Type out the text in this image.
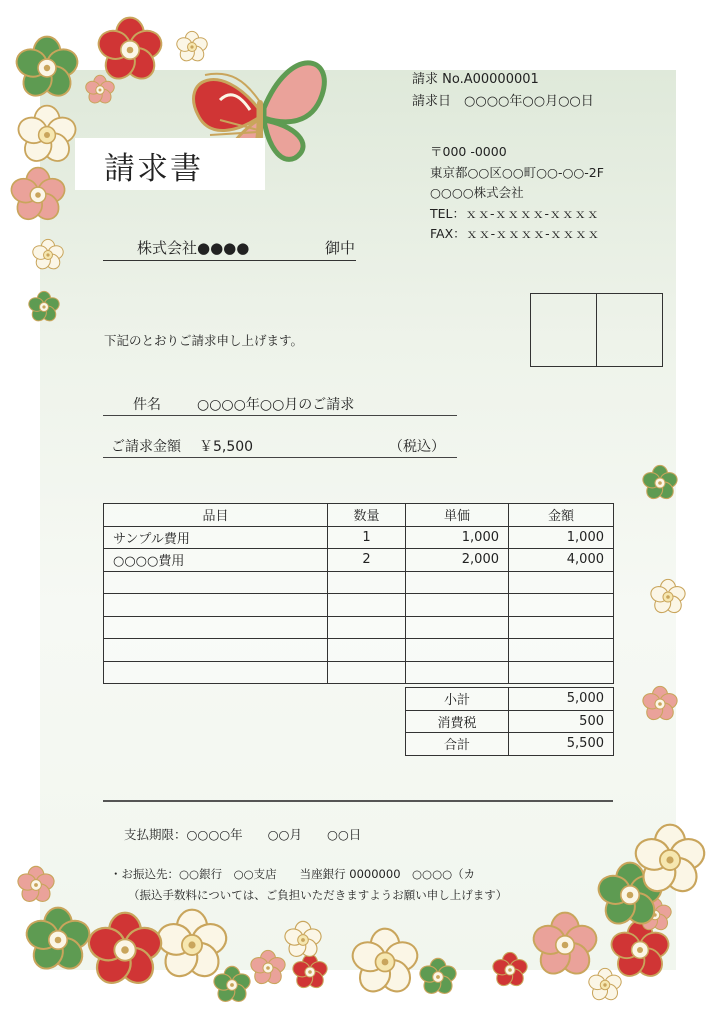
請求 No.A00000001
請求日　 ○○○○年○○月○○日
請求書	〒000 -0000
東京都○○区○○町○○-○○-2F
○○○○株式会社
TEL：ｘｘ-ｘｘｘｘ-ｘｘｘｘ
FAX：ｘｘ-ｘｘｘｘ-ｘｘｘｘ
株式会社●●●●	御中
下記のとおりご請求申し上げます。
件名	○○○○年○○月のご請求
ご請求金額 ￥5,500	（税込）
品目	数量	単価	金額
サンプル費用	1	1,000	1,000
○○○○費用	2	2,000	4,000

小計	5,000
消費税	500
合計	5,500
支払期限：○○○○年　　○○月　　○○日
・お振込先：○○銀行　○○支店　　当座銀行 0000000　○○○○（カ
（振込手数料については、ご負担いただきますようお願い申し上げます）
